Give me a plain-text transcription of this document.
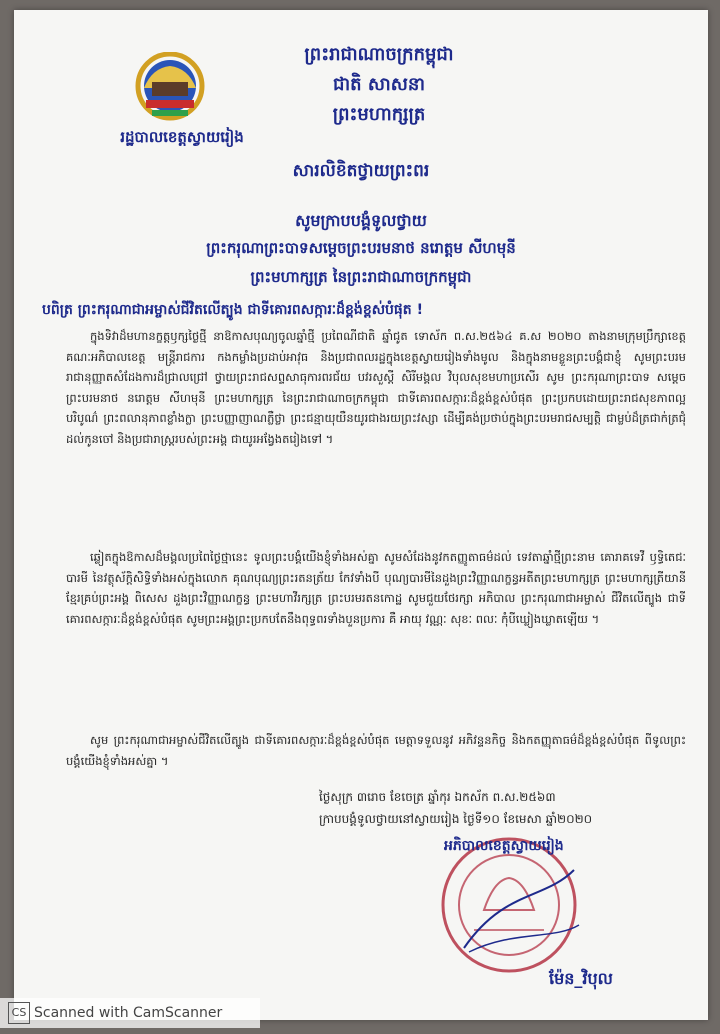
ព្រះរាជាណាចក្រកម្ពុជា
ជាតិ សាសនា ព្រះមហាក្សត្រ
រដ្ឋបាលខេត្តស្វាយរៀង
សារលិខិតថ្វាយព្រះពរ
សូមក្រាបបង្គំទូលថ្វាយ
ព្រះករុណាព្រះបាទសម្តេចព្រះបរមនាថ នរោត្តម សីហមុនី
ព្រះមហាក្សត្រ នៃព្រះរាជាណាចក្រកម្ពុជា
បពិត្រ ព្រះករុណាជាអម្ចាស់ជីវិតលើត្បូង ជាទីគោរពសក្ការៈដ៏ខ្ពង់ខ្ពស់បំផុត !
ក្នុងទិវាដ៏មហានក្ខត្តឫក្សថ្ងៃថ្មី នាឱកាសបុណ្យចូលឆ្នាំថ្មី ប្រពៃណីជាតិ ឆ្នាំជូត ទោស័ក ព.ស.២៥៦៤ គ.ស ២០២០ តាងនាមក្រុមប្រឹក្សាខេត្ត គណៈអភិបាលខេត្ត មន្ត្រីរាជការ កងកម្លាំងប្រដាប់អាវុធ និងប្រជាពលរដ្ឋក្នុងខេត្តស្វាយរៀងទាំងមូល និងក្នុងនាមខ្លួនព្រះបង្គំជាខ្ញុំ សូមព្រះបរមរាជានុញ្ញាតសំដែងការដ៏ជ្រាលជ្រៅ ថ្វាយព្រះរាជសព្ទសាធុការពរជ័យ បវរសួស្តី សិរីមង្គល វិបុលសុខមហាប្រសើរ សូម ព្រះករុណាព្រះបាទ សម្តេចព្រះបរមនាថ នរោត្តម សីហមុនី ព្រះមហាក្សត្រ នៃព្រះរាជាណាចក្រកម្ពុជា ជាទីគោរពសក្ការៈដ៏ខ្ពង់ខ្ពស់បំផុត ព្រះប្រកបដោយព្រះរាជសុខភាពល្អបរិបូណ៌ ព្រះពលានុភាពខ្លាំងក្លា ព្រះបញ្ញាញាណភ្លឺថ្លា ព្រះជន្មាយុយឺនយូរជាងរយព្រះវស្សា ដើម្បីគង់ប្រថាប់ក្នុងព្រះបរមរាជសម្បត្តិ ជាម្លប់ដ៏ត្រជាក់ត្រជុំដល់កូនចៅ និងប្រជារាស្ត្ររបស់ព្រះអង្គ ជាយូរអង្វែងតរៀងទៅ ។
ឆ្លៀតក្នុងឱកាសដ៏មង្គលប្រពៃថ្ងៃថ្មានេះ ទូលព្រះបង្គំយើងខ្ញុំទាំងអស់គ្នា សូមសំដែងនូវកតញ្ញូតាធម៌ដល់ ទេវតាឆ្នាំថ្មីព្រះនាម គោរាគទេវី ឫទ្ធិតេជៈបារមី នៃវត្ថុស័ក្តិសិទ្ធិទាំងអស់ក្នុងលោក គុណបុណ្យព្រះរតនត្រ័យ កែវទាំងបី បុណ្យបារមីនៃដួងព្រះវិញ្ញាណក្ខន្ធអតីតព្រះមហាក្សត្រ ព្រះមហាក្សត្រីយានីខ្មែរគ្រប់ព្រះអង្គ ពិសេស ដួងព្រះវិញ្ញាណក្ខន្ធ ព្រះមហាវីរក្សត្រ ព្រះបរមរតនកោដ្ឋ សូមជួយថែរក្សា អភិបាល ព្រះករុណាជាអម្ចាស់ ជីវិតលើត្បូង ជាទីគោរពសក្ការៈដ៏ខ្ពង់ខ្ពស់បំផុត សូមព្រះអង្គព្រះប្រកបតែនឹងពុទ្ធពរទាំងបួនប្រការ គឺ អាយុ វណ្ណៈ សុខៈ ពលៈ កុំបីឃ្លៀងឃ្លាតឡើយ ។
សូម ព្រះករុណាជាអម្ចាស់ជីវិតលើត្បូង ជាទីគោរពសក្ការៈដ៏ខ្ពង់ខ្ពស់បំផុត មេត្តាទទួលនូវ អភិវន្ទនកិច្ច និងកតញ្ញុតាធម៌ដ៏ខ្ពង់ខ្ពស់បំផុត ពីទូលព្រះបង្គំយើងខ្ញុំទាំងអស់គ្នា ។
ថ្ងៃសុក្រ ៣រោច ខែចេត្រ ឆ្នាំកុរ ឯកស័ក ព.ស.២៥៦៣
ក្រាបបង្គំទូលថ្វាយនៅស្វាយរៀង ថ្ងៃទី១០ ខែមេសា ឆ្នាំ២០២០
អភិបាលខេត្តស្វាយរៀង
ម៉ែន_វិបុល
CS Scanned with CamScanner
